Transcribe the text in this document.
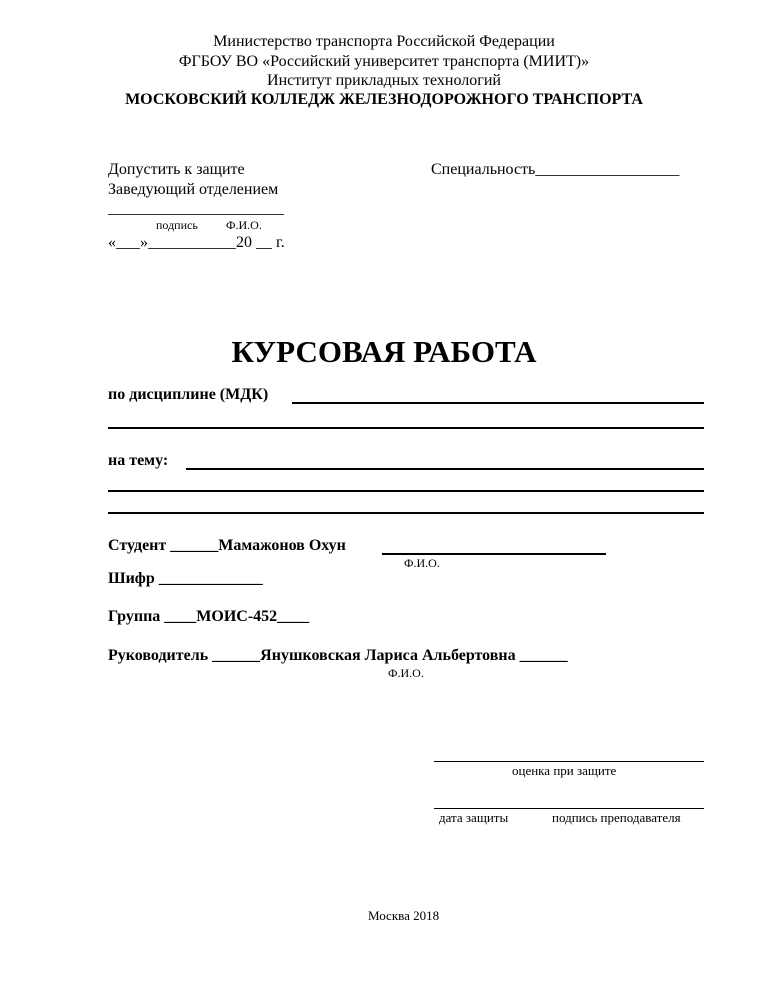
Министерство транспорта Российской Федерации
ФГБОУ ВО «Российский университет транспорта (МИИТ)»
Институт прикладных технологий
МОСКОВСКИЙ КОЛЛЕДЖ ЖЕЛЕЗНОДОРОЖНОГО ТРАНСПОРТА
Допустить к защите
Заведующий отделением
______________________
подпись Ф.И.О.
«___»___________20 __ г.
Специальность__________________
КУРСОВАЯ РАБОТА
по дисциплине (МДК)
на тему:
Студент ______Мамажонов Охун
Ф.И.О.
Шифр _____________
Группа ____МОИС-452____
Руководитель ______Янушковская Лариса Альбертовна ______
Ф.И.О.
оценка при защите
дата защиты	подпись преподавателя
Москва 2018
